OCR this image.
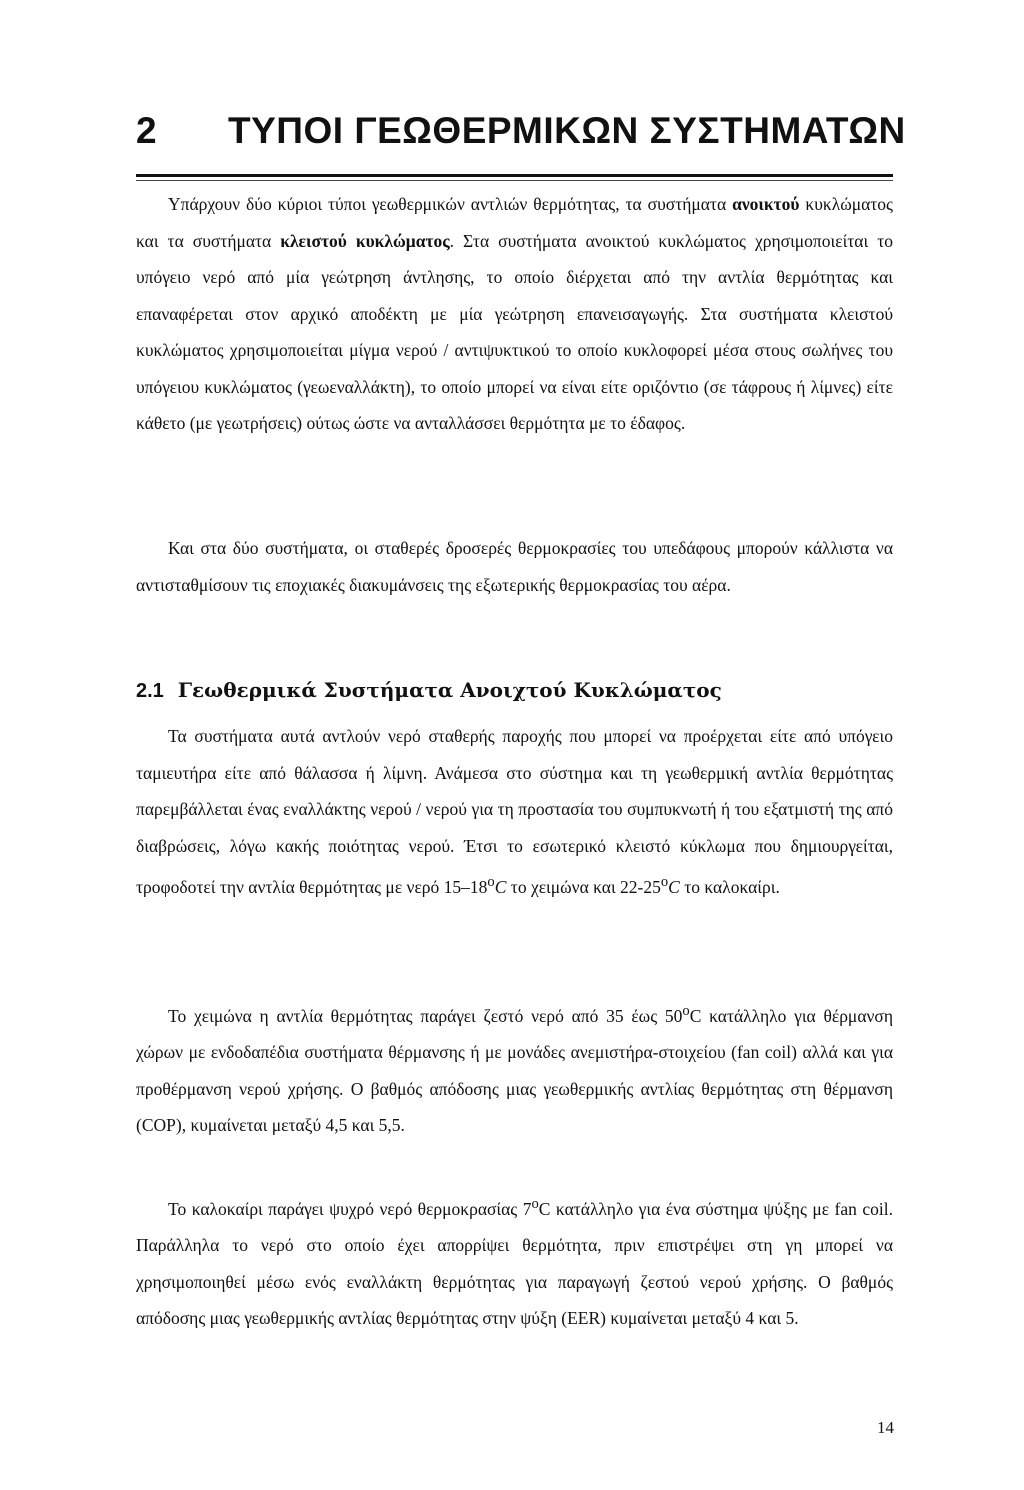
2 ΤΥΠΟΙ ΓΕΩΘΕΡΜΙΚΩΝ ΣΥΣΤΗΜΑΤΩΝ

Υπάρχουν δύο κύριοι τύποι γεωθερμικών αντλιών θερμότητας, τα συστήματα ανοικτού κυκλώματος και τα συστήματα κλειστού κυκλώματος. Στα συστήματα ανοικτού κυκλώματος χρησιμοποιείται το υπόγειο νερό από μία γεώτρηση άντλησης, το οποίο διέρχεται από την αντλία θερμότητας και επαναφέρεται στον αρχικό αποδέκτη με μία γεώτρηση επανεισαγωγής. Στα συστήματα κλειστού κυκλώματος χρησιμοποιείται μίγμα νερού / αντιψυκτικού το οποίο κυκλοφορεί μέσα στους σωλήνες του υπόγειου κυκλώματος (γεωεναλλάκτη), το οποίο μπορεί να είναι είτε οριζόντιο (σε τάφρους ή λίμνες) είτε κάθετο (με γεωτρήσεις) ούτως ώστε να ανταλλάσσει θερμότητα με το έδαφος.

Και στα δύο συστήματα, οι σταθερές δροσερές θερμοκρασίες του υπεδάφους μπορούν κάλλιστα να αντισταθμίσουν τις εποχιακές διακυμάνσεις της εξωτερικής θερμοκρασίας του αέρα.

2.1 Γεωθερμικά Συστήματα Ανοιχτού Κυκλώματος

Τα συστήματα αυτά αντλούν νερό σταθερής παροχής που μπορεί να προέρχεται είτε από υπόγειο ταμιευτήρα είτε από θάλασσα ή λίμνη. Ανάμεσα στο σύστημα και τη γεωθερμική αντλία θερμότητας παρεμβάλλεται ένας εναλλάκτης νερού / νερού για τη προστασία του συμπυκνωτή ή του εξατμιστή της από διαβρώσεις, λόγω κακής ποιότητας νερού. Έτσι το εσωτερικό κλειστό κύκλωμα που δημιουργείται, τροφοδοτεί την αντλία θερμότητας με νερό 15–18$^o$C το χειμώνα και 22-25$^o$C το καλοκαίρι.

Το χειμώνα η αντλία θερμότητας παράγει ζεστό νερό από 35 έως 50$^o$C κατάλληλο για θέρμανση χώρων με ενδοδαπέδια συστήματα θέρμανσης ή με μονάδες ανεμιστήρα-στοιχείου (fan coil) αλλά και για προθέρμανση νερού χρήσης. Ο βαθμός απόδοσης μιας γεωθερμικής αντλίας θερμότητας στη θέρμανση (COP), κυμαίνεται μεταξύ 4,5 και 5,5.

Το καλοκαίρι παράγει ψυχρό νερό θερμοκρασίας 7$^o$C κατάλληλο για ένα σύστημα ψύξης με fan coil. Παράλληλα το νερό στο οποίο έχει απορρίψει θερμότητα, πριν επιστρέψει στη γη μπορεί να χρησιμοποιηθεί μέσω ενός εναλλάκτη θερμότητας για παραγωγή ζεστού νερού χρήσης. Ο βαθμός απόδοσης μιας γεωθερμικής αντλίας θερμότητας στην ψύξη (EER) κυμαίνεται μεταξύ 4 και 5.

14
